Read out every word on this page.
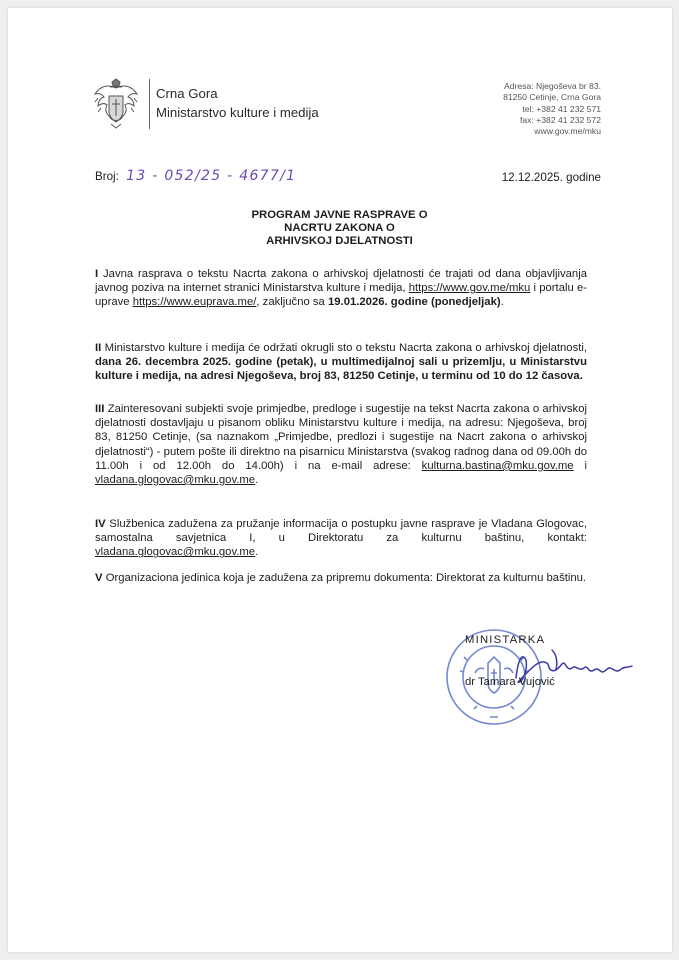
Crna Gora
Ministarstvo kulture i medija
Adresa: Njegoševa br 83.
81250 Cetinje, Crna Gora
tel: +382 41 232 571
fax: +382 41 232 572
www.gov.me/mku
Broj: 13 - 052/25 - 4677/1	12.12.2025. godine
PROGRAM JAVNE RASPRAVE O
NACRTU ZAKONA O
ARHIVSKOJ DJELATNOSTI

I Javna rasprava o tekstu Nacrta zakona o arhivskoj djelatnosti će trajati od dana objavljivanja javnog poziva na internet stranici Ministarstva kulture i medija, https://www.gov.me/mku i portalu e-uprave https://www.euprava.me/, zaključno sa 19.01.2026. godine (ponedjeljak).

II Ministarstvo kulture i medija će održati okrugli sto o tekstu Nacrta zakona o arhivskoj djelatnosti, dana 26. decembra 2025. godine (petak), u multimedijalnoj sali u prizemlju, u Ministarstvu kulture i medija, na adresi Njegoševa, broj 83, 81250 Cetinje, u terminu od 10 do 12 časova.

III Zainteresovani subjekti svoje primjedbe, predloge i sugestije na tekst Nacrta zakona o arhivskoj djelatnosti dostavljaju u pisanom obliku Ministarstvu kulture i medija, na adresu: Njegoševa, broj 83, 81250 Cetinje, (sa naznakom „Primjedbe, predlozi i sugestije na Nacrt zakona o arhivskoj djelatnosti“) - putem pošte ili direktno na pisarnicu Ministarstva (svakog radnog dana od 09.00h do 11.00h i od 12.00h do 14.00h) i na e-mail adrese: kulturna.bastina@mku.gov.me i vladana.glogovac@mku.gov.me.

IV Službenica zadužena za pružanje informacija o postupku javne rasprave je Vladana Glogovac, samostalna savjetnica I, u Direktoratu za kulturnu baštinu, kontakt: vladana.glogovac@mku.gov.me.

V Organizaciona jedinica koja je zadužena za pripremu dokumenta: Direktorat za kulturnu baštinu.

MINISTARKA
dr Tamara Vujović
